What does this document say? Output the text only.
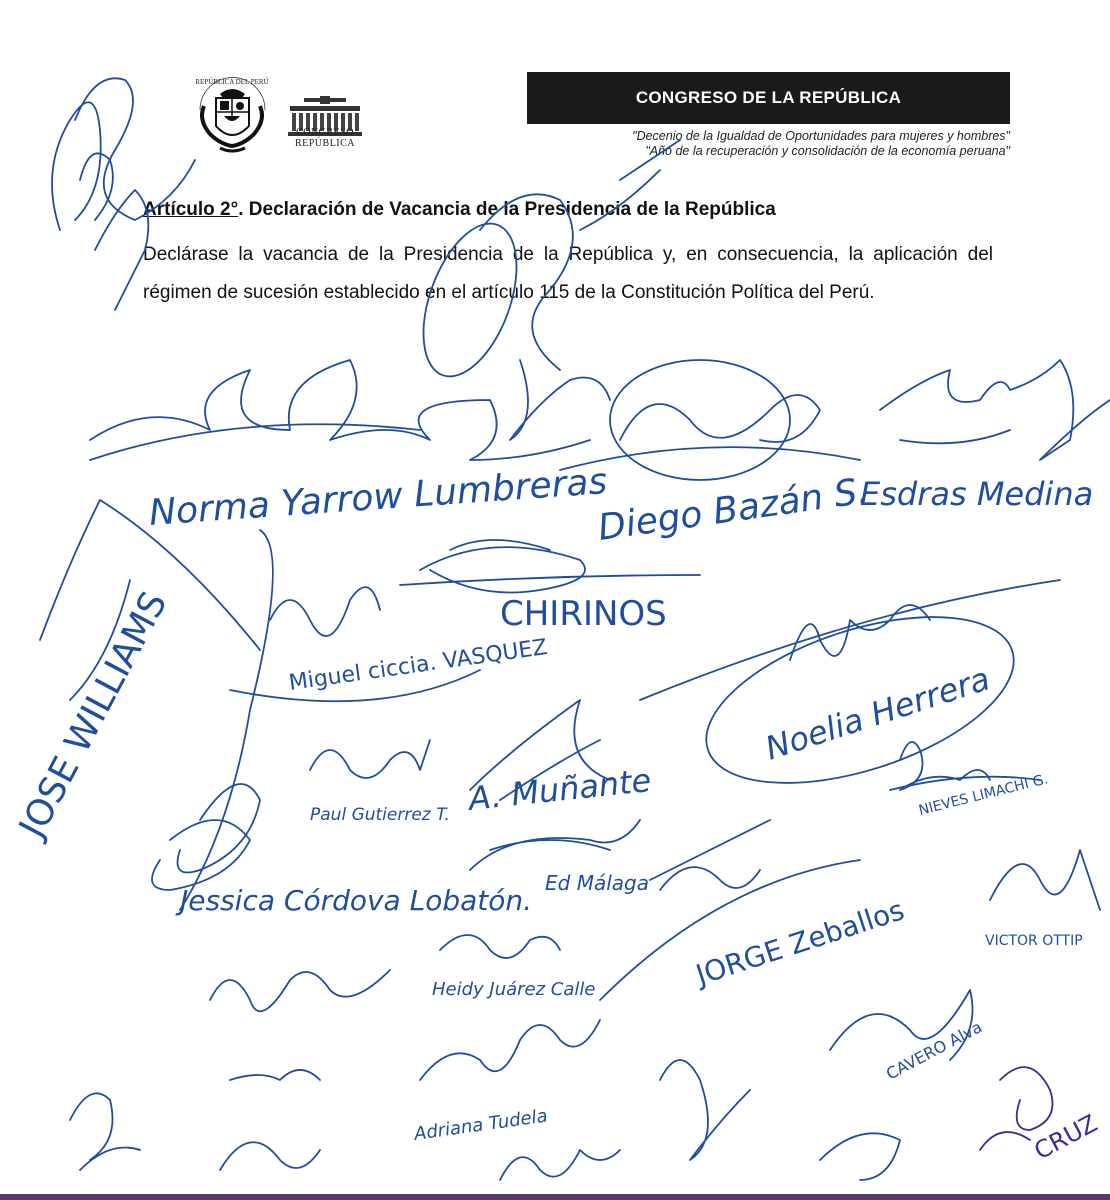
REPÚBLICA DEL PERÚ
CONGRESO
REPÚBLICA
CONGRESO DE LA REPÚBLICA
"Decenio de la Igualdad de Oportunidades para mujeres y hombres"
"Año de la recuperación y consolidación de la economía peruana"
Artículo 2°. Declaración de Vacancia de la Presidencia de la República
Declárase la vacancia de la Presidencia de la República y, en consecuencia, la aplicación del régimen de sucesión establecido en el artículo 115 de la Constitución Política del Perú.
Norma Yarrow Lumbreras
Diego Bazán S.
Esdras Medina
CHIRINOS
Noelia Herrera
JOSE WILLIAMS	Miguel ciccia. VASQUEZ
Paul Gutierrez T. A. Muñante	NIEVES LIMACHI G.
Jessica Córdova Lobatón.
Ed Málaga
JORGE Zeballos	VICTOR OTTIP
Heidy Juárez Calle
CAVERO Alva
Adriana Tudela	CRUZ
